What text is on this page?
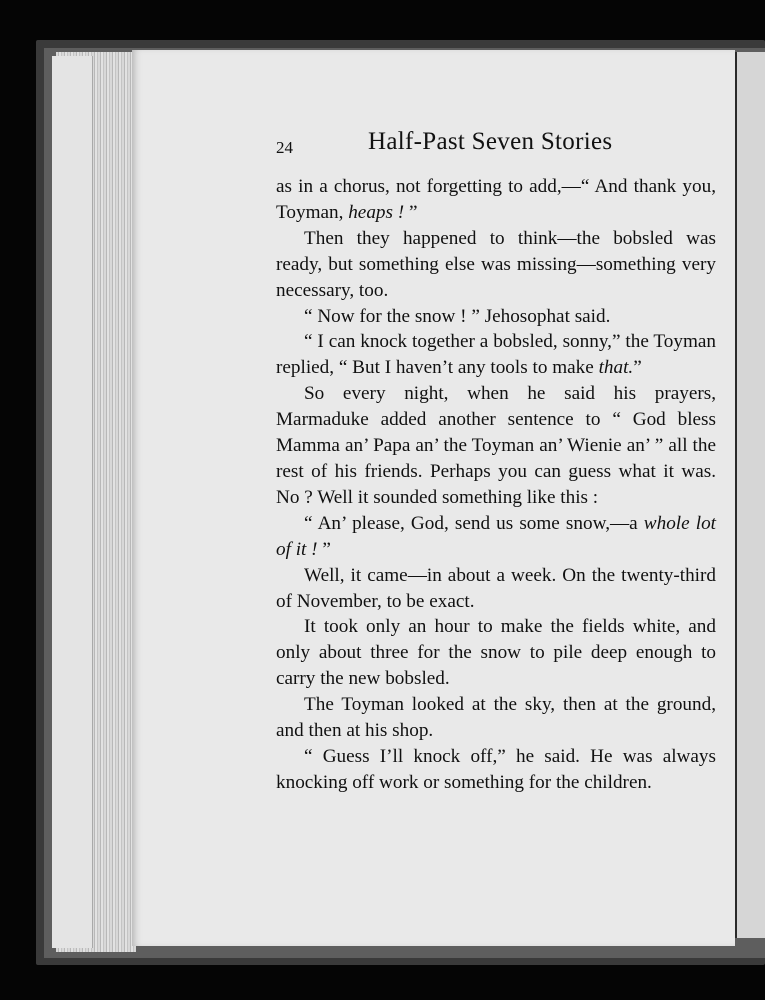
24	Half-Past Seven Stories

as in a chorus, not forgetting to add,—“ And thank you, Toyman, heaps ! ”

Then they happened to think—the bobsled was ready, but something else was missing—something very necessary, too.

“ Now for the snow ! ” Jehosophat said.

“ I can knock together a bobsled, sonny,” the Toyman replied, “ But I haven’t any tools to make that.”

So every night, when he said his prayers, Marmaduke added another sentence to “ God bless Mamma an’ Papa an’ the Toyman an’ Wienie an’ ” all the rest of his friends. Perhaps you can guess what it was. No ? Well it sounded something like this :

“ An’ please, God, send us some snow,—a whole lot of it ! ”

Well, it came—in about a week. On the twenty-third of November, to be exact.

It took only an hour to make the fields white, and only about three for the snow to pile deep enough to carry the new bobsled.

The Toyman looked at the sky, then at the ground, and then at his shop.

“ Guess I’ll knock off,” he said. He was always knocking off work or something for the children.
